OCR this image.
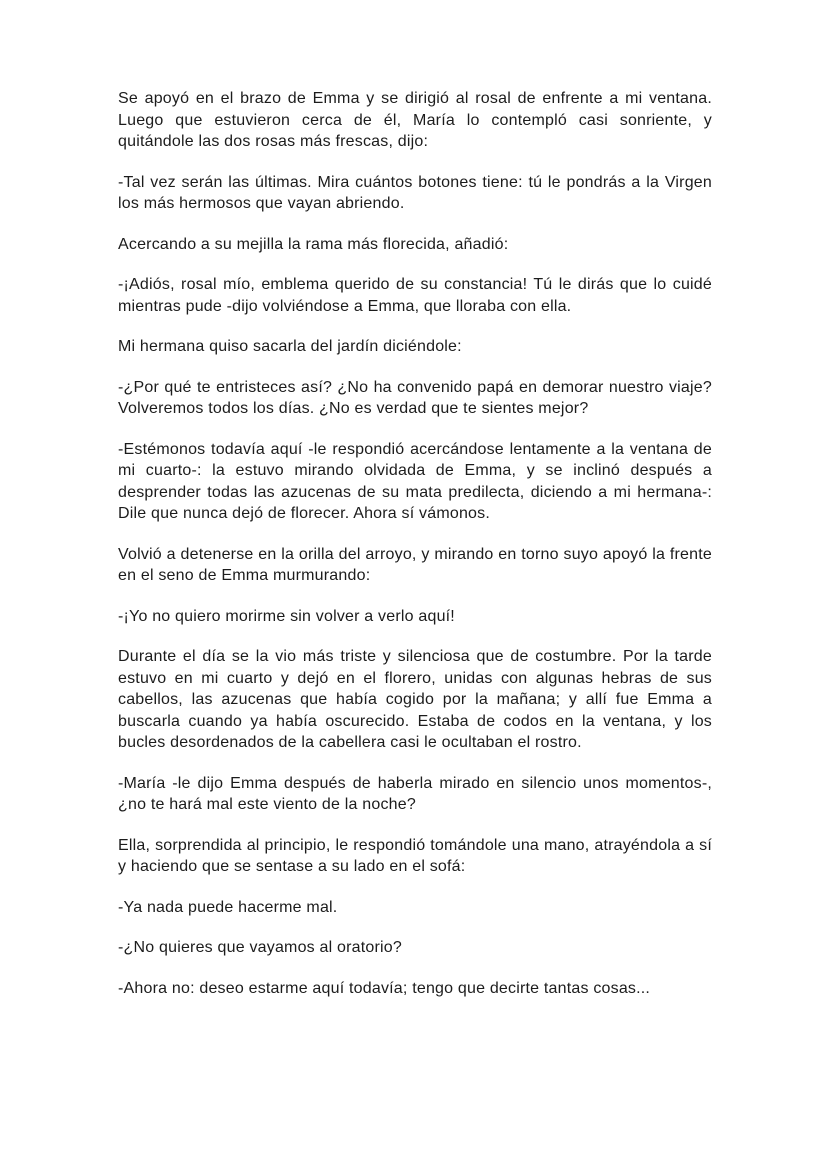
Se apoyó en el brazo de Emma y se dirigió al rosal de enfrente a mi ventana. Luego que estuvieron cerca de él, María lo contempló casi sonriente, y quitándole las dos rosas más frescas, dijo:

-Tal vez serán las últimas. Mira cuántos botones tiene: tú le pondrás a la Virgen los más hermosos que vayan abriendo.

Acercando a su mejilla la rama más florecida, añadió:

-¡Adiós, rosal mío, emblema querido de su constancia! Tú le dirás que lo cuidé mientras pude -dijo volviéndose a Emma, que lloraba con ella.

Mi hermana quiso sacarla del jardín diciéndole:

-¿Por qué te entristeces así? ¿No ha convenido papá en demorar nuestro viaje? Volveremos todos los días. ¿No es verdad que te sientes mejor?

-Estémonos todavía aquí -le respondió acercándose lentamente a la ventana de mi cuarto-: la estuvo mirando olvidada de Emma, y se inclinó después a desprender todas las azucenas de su mata predilecta, diciendo a mi hermana-: Dile que nunca dejó de florecer. Ahora sí vámonos.

Volvió a detenerse en la orilla del arroyo, y mirando en torno suyo apoyó la frente en el seno de Emma murmurando:

-¡Yo no quiero morirme sin volver a verlo aquí!

Durante el día se la vio más triste y silenciosa que de costumbre. Por la tarde estuvo en mi cuarto y dejó en el florero, unidas con algunas hebras de sus cabellos, las azucenas que había cogido por la mañana; y allí fue Emma a buscarla cuando ya había oscurecido. Estaba de codos en la ventana, y los bucles desordenados de la cabellera casi le ocultaban el rostro.

-María -le dijo Emma después de haberla mirado en silencio unos momentos-, ¿no te hará mal este viento de la noche?

Ella, sorprendida al principio, le respondió tomándole una mano, atrayéndola a sí y haciendo que se sentase a su lado en el sofá:

-Ya nada puede hacerme mal.

-¿No quieres que vayamos al oratorio?

-Ahora no: deseo estarme aquí todavía; tengo que decirte tantas cosas...
